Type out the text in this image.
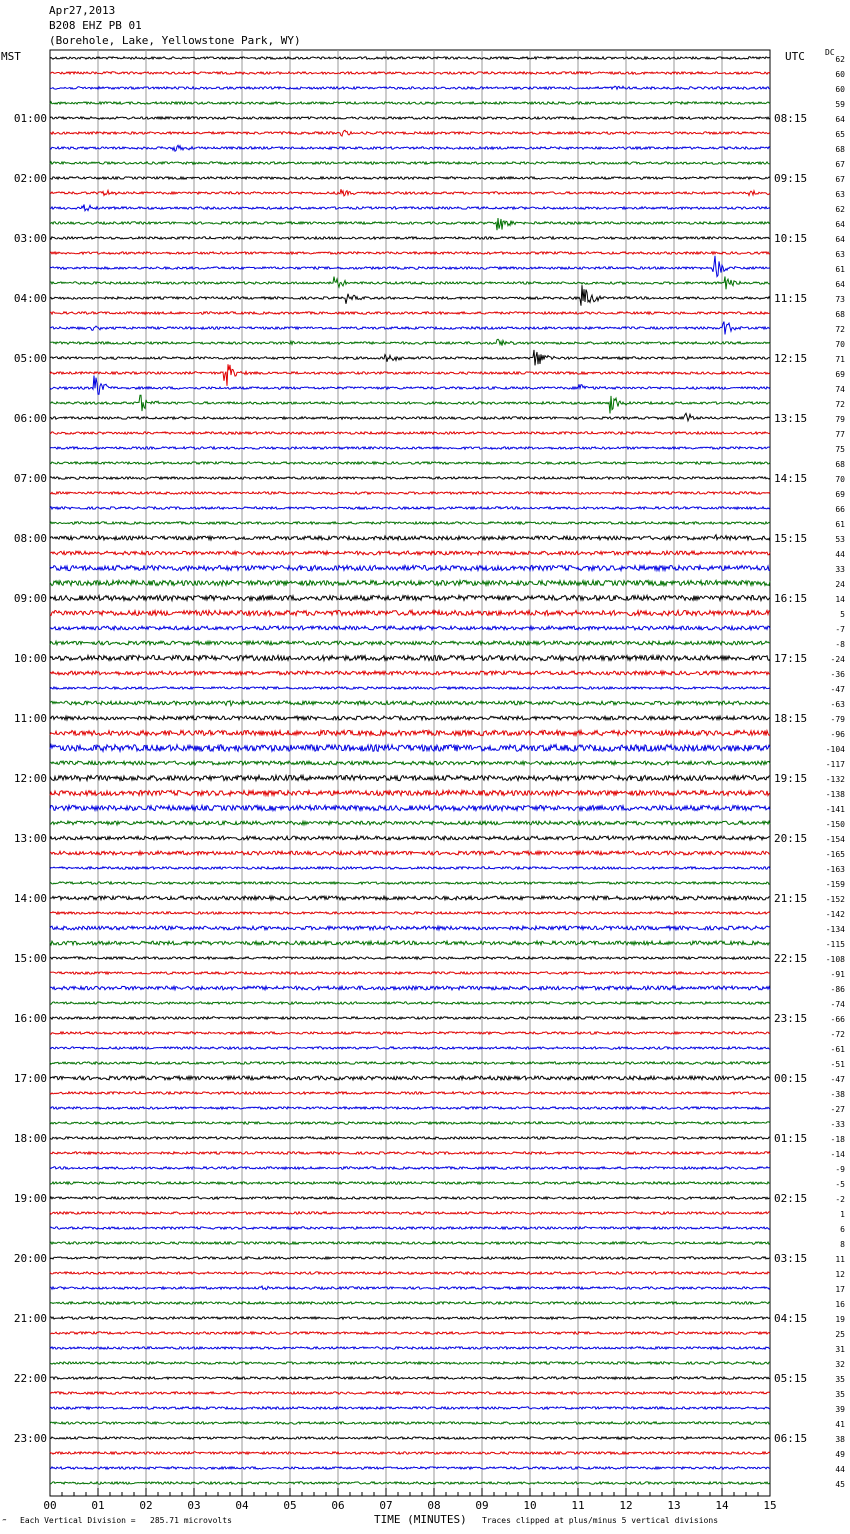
Apr27,2013
B208 EHZ PB 01
(Borehole, Lake, Yellowstone Park, WY)
MST	UTC	DC
01:00
02:00
03:00
04:00
05:00
06:00
07:00
08:00
09:00
10:00
11:00
12:00
13:00
14:00
15:00
16:00
17:00
18:00
19:00
20:00
21:00
22:00
23:00
08:15
09:15
10:15
11:15
12:15
13:15
14:15
15:15
16:15
17:15
18:15
19:15
20:15
21:15
22:15
23:15
00:15
01:15
02:15
03:15
04:15
05:15
06:15
62
60
60
59
64
65
68
67
67
63
62
64
64
63
61
64
73
68
72
70
71
69
74
72
79
77
75
68
70
69
66
61
53
44
33
24
14
5
-7
-8
-24
-36
-47
-63
-79
-96
-104
-117
-132
-138
-141
-150
-154
-165
-163
-159
-152
-142
-134
-115
-108
-91
-86
-74
-66
-72
-61
-51
-47
-38
-27
-33
-18
-14
-9
-5
-2
1
6
8
11
12
17
16
19
25
31
32
35
35
39
41
38
49
44
45
00	01	02	03	04	05	06	07	08	09	10	11	12	13	14	15
‴ Each Vertical Division = 285.71 microvolts	TIME (MINUTES) Traces clipped at plus/minus 5 vertical divisions
